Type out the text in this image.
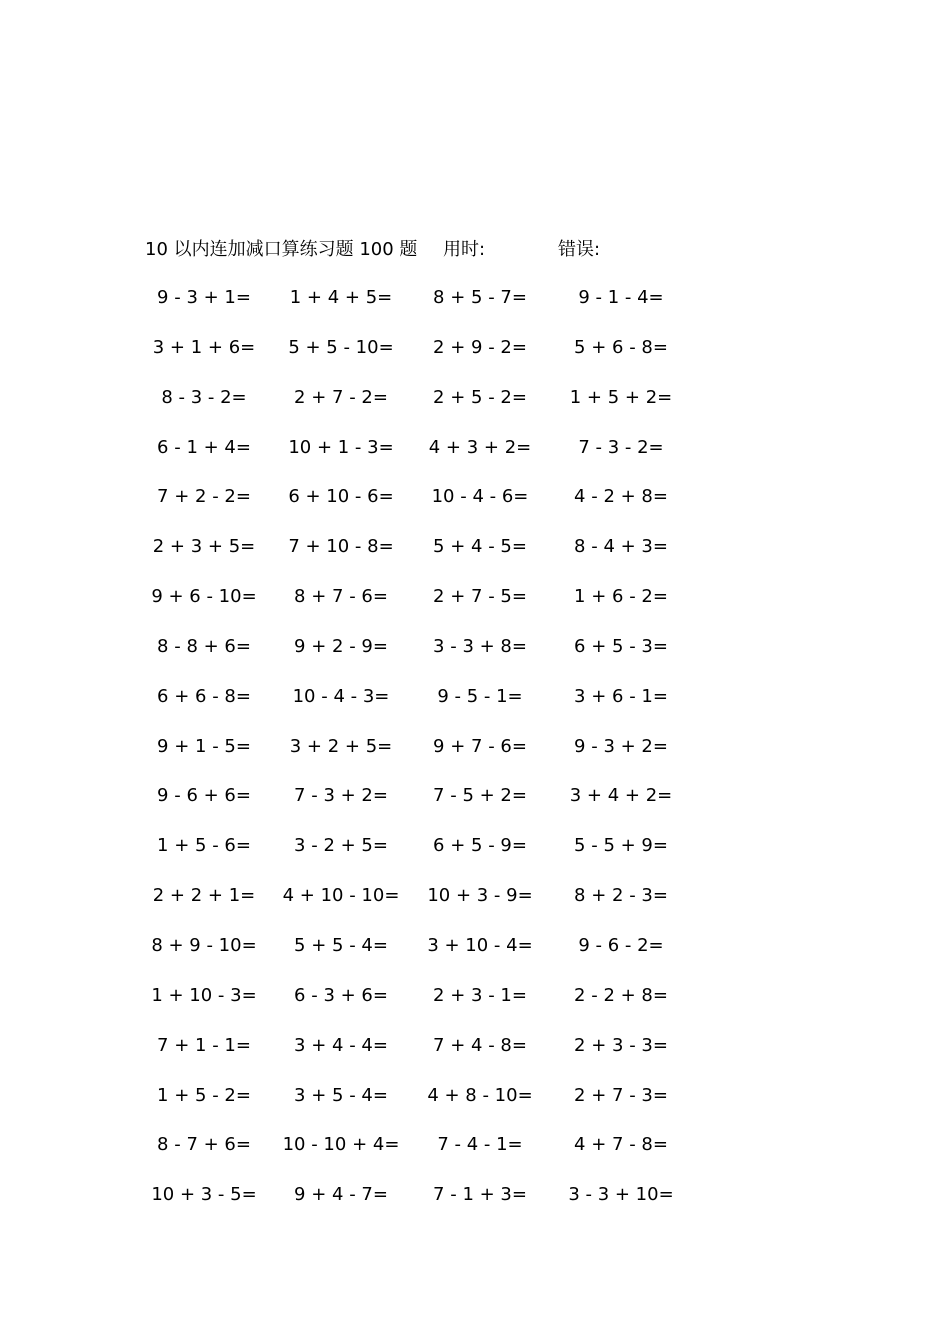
10 以内连加减口算练习题 100 题 用时:	错误:
9 - 3 + 1=	1 + 4 + 5=	8 + 5 - 7=	9 - 1 - 4=
3 + 1 + 6=	5 + 5 - 10=	2 + 9 - 2=	5 + 6 - 8=
8 - 3 - 2=	2 + 7 - 2=	2 + 5 - 2=	1 + 5 + 2=
6 - 1 + 4=	10 + 1 - 3=	4 + 3 + 2=	7 - 3 - 2=
7 + 2 - 2=	6 + 10 - 6=	10 - 4 - 6=	4 - 2 + 8=
2 + 3 + 5=	7 + 10 - 8=	5 + 4 - 5=	8 - 4 + 3=
9 + 6 - 10=	8 + 7 - 6=	2 + 7 - 5=	1 + 6 - 2=
8 - 8 + 6=	9 + 2 - 9=	3 - 3 + 8=	6 + 5 - 3=
6 + 6 - 8=	10 - 4 - 3=	9 - 5 - 1=	3 + 6 - 1=
9 + 1 - 5=	3 + 2 + 5=	9 + 7 - 6=	9 - 3 + 2=
9 - 6 + 6=	7 - 3 + 2=	7 - 5 + 2=	3 + 4 + 2=
1 + 5 - 6=	3 - 2 + 5=	6 + 5 - 9=	5 - 5 + 9=
2 + 2 + 1=	4 + 10 - 10=	10 + 3 - 9=	8 + 2 - 3=
8 + 9 - 10=	5 + 5 - 4=	3 + 10 - 4=	9 - 6 - 2=
1 + 10 - 3=	6 - 3 + 6=	2 + 3 - 1=	2 - 2 + 8=
7 + 1 - 1=	3 + 4 - 4=	7 + 4 - 8=	2 + 3 - 3=
1 + 5 - 2=	3 + 5 - 4=	4 + 8 - 10=	2 + 7 - 3=
8 - 7 + 6=	10 - 10 + 4=	7 - 4 - 1=	4 + 7 - 8=
10 + 3 - 5=	9 + 4 - 7=	7 - 1 + 3=	3 - 3 + 10=
